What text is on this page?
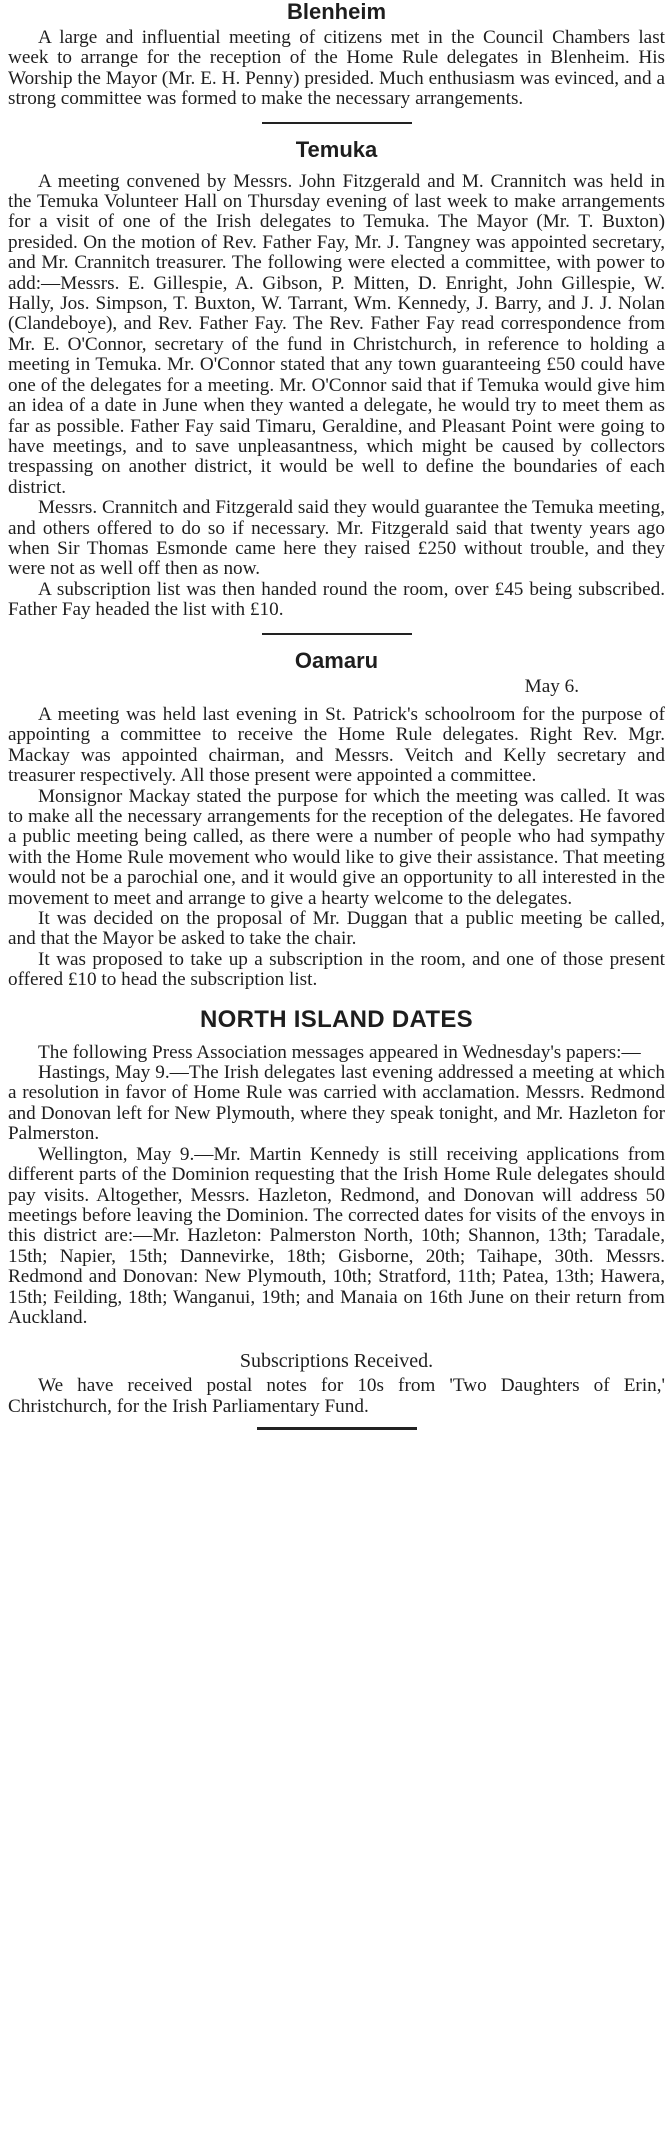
Blenheim

A large and influential meeting of citizens met in the Council Chambers last week to arrange for the reception of the Home Rule delegates in Blenheim. His Worship the Mayor (Mr. E. H. Penny) presided. Much enthusiasm was evinced, and a strong committee was formed to make the necessary arrangements.

Temuka

A meeting convened by Messrs. John Fitzgerald and M. Crannitch was held in the Temuka Volunteer Hall on Thursday evening of last week to make arrangements for a visit of one of the Irish delegates to Temuka. The Mayor (Mr. T. Buxton) presided. On the motion of Rev. Father Fay, Mr. J. Tangney was appointed secretary, and Mr. Crannitch treasurer. The following were elected a committee, with power to add:—Messrs. E. Gillespie, A. Gibson, P. Mitten, D. Enright, John Gillespie, W. Hally, Jos. Simpson, T. Buxton, W. Tarrant, Wm. Kennedy, J. Barry, and J. J. Nolan (Clandeboye), and Rev. Father Fay. The Rev. Father Fay read correspondence from Mr. E. O'Connor, secretary of the fund in Christchurch, in reference to holding a meeting in Temuka. Mr. O'Connor stated that any town guaranteeing £50 could have one of the delegates for a meeting. Mr. O'Connor said that if Temuka would give him an idea of a date in June when they wanted a delegate, he would try to meet them as far as possible. Father Fay said Timaru, Geraldine, and Pleasant Point were going to have meetings, and to save unpleasantness, which might be caused by collectors trespassing on another district, it would be well to define the boundaries of each district.

Messrs. Crannitch and Fitzgerald said they would guarantee the Temuka meeting, and others offered to do so if necessary. Mr. Fitzgerald said that twenty years ago when Sir Thomas Esmonde came here they raised £250 without trouble, and they were not as well off then as now.

A subscription list was then handed round the room, over £45 being subscribed. Father Fay headed the list with £10.

Oamaru
May 6.

A meeting was held last evening in St. Patrick's schoolroom for the purpose of appointing a committee to receive the Home Rule delegates. Right Rev. Mgr. Mackay was appointed chairman, and Messrs. Veitch and Kelly secretary and treasurer respectively. All those present were appointed a committee.

Monsignor Mackay stated the purpose for which the meeting was called. It was to make all the necessary arrangements for the reception of the delegates. He favored a public meeting being called, as there were a number of people who had sympathy with the Home Rule movement who would like to give their assistance. That meeting would not be a parochial one, and it would give an opportunity to all interested in the movement to meet and arrange to give a hearty welcome to the delegates.

It was decided on the proposal of Mr. Duggan that a public meeting be called, and that the Mayor be asked to take the chair.

It was proposed to take up a subscription in the room, and one of those present offered £10 to head the subscription list.

NORTH ISLAND DATES

The following Press Association messages appeared in Wednesday's papers:—

Hastings, May 9.—The Irish delegates last evening addressed a meeting at which a resolution in favor of Home Rule was carried with acclamation. Messrs. Redmond and Donovan left for New Plymouth, where they speak tonight, and Mr. Hazleton for Palmerston.

Wellington, May 9.—Mr. Martin Kennedy is still receiving applications from different parts of the Dominion requesting that the Irish Home Rule delegates should pay visits. Altogether, Messrs. Hazleton, Redmond, and Donovan will address 50 meetings before leaving the Dominion. The corrected dates for visits of the envoys in this district are:—Mr. Hazleton: Palmerston North, 10th; Shannon, 13th; Taradale, 15th; Napier, 15th; Dannevirke, 18th; Gisborne, 20th; Taihape, 30th. Messrs. Redmond and Donovan: New Plymouth, 10th; Stratford, 11th; Patea, 13th; Hawera, 15th; Feilding, 18th; Wanganui, 19th; and Manaia on 16th June on their return from Auckland.

Subscriptions Received.

We have received postal notes for 10s from 'Two Daughters of Erin,' Christchurch, for the Irish Parliamentary Fund.
